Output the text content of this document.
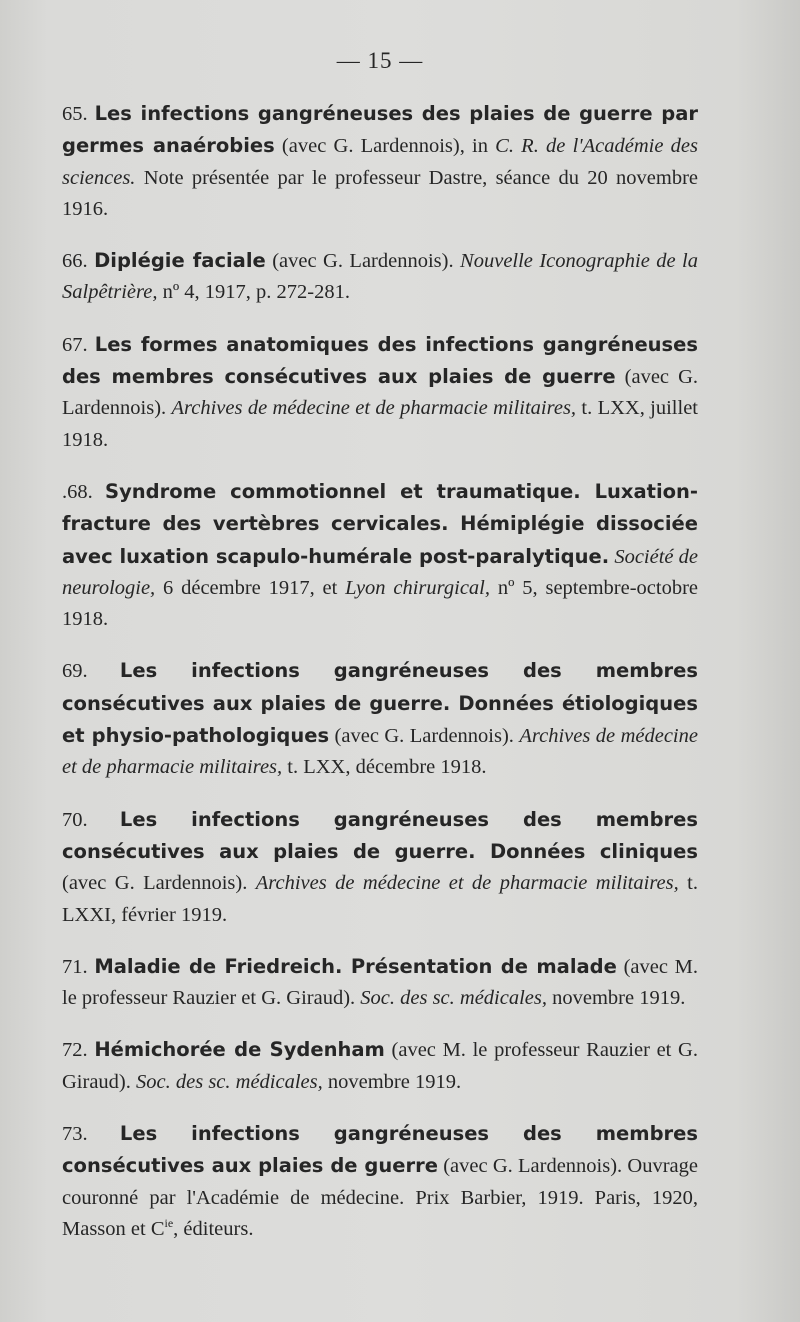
— 15 —

65. Les infections gangréneuses des plaies de guerre par germes anaérobies (avec G. Lardennois), in C. R. de l'Académie des sciences. Note présentée par le professeur Dastre, séance du 20 novembre 1916.

66. Diplégie faciale (avec G. Lardennois). Nouvelle Iconographie de la Salpêtrière, nº 4, 1917, p. 272-281.

67. Les formes anatomiques des infections gangréneuses des membres consécutives aux plaies de guerre (avec G. Lardennois). Archives de médecine et de pharmacie militaires, t. LXX, juillet 1918.

.68. Syndrome commotionnel et traumatique. Luxation-fracture des vertèbres cervicales. Hémiplégie dissociée avec luxation scapulo-humérale post-paralytique. Société de neurologie, 6 décembre 1917, et Lyon chirurgical, nº 5, septembre-octobre 1918.

69. Les infections gangréneuses des membres consécutives aux plaies de guerre. Données étiologiques et physio-pathologiques (avec G. Lardennois). Archives de médecine et de pharmacie militaires, t. LXX, décembre 1918.

70. Les infections gangréneuses des membres consécutives aux plaies de guerre. Données cliniques (avec G. Lardennois). Archives de médecine et de pharmacie militaires, t. LXXI, février 1919.

71. Maladie de Friedreich. Présentation de malade (avec M. le professeur Rauzier et G. Giraud). Soc. des sc. médicales, novembre 1919.

72. Hémichorée de Sydenham (avec M. le professeur Rauzier et G. Giraud). Soc. des sc. médicales, novembre 1919.

73. Les infections gangréneuses des membres consécutives aux plaies de guerre (avec G. Lardennois). Ouvrage couronné par l'Académie de médecine. Prix Barbier, 1919. Paris, 1920, Masson et $C^{ie}$, éditeurs.
